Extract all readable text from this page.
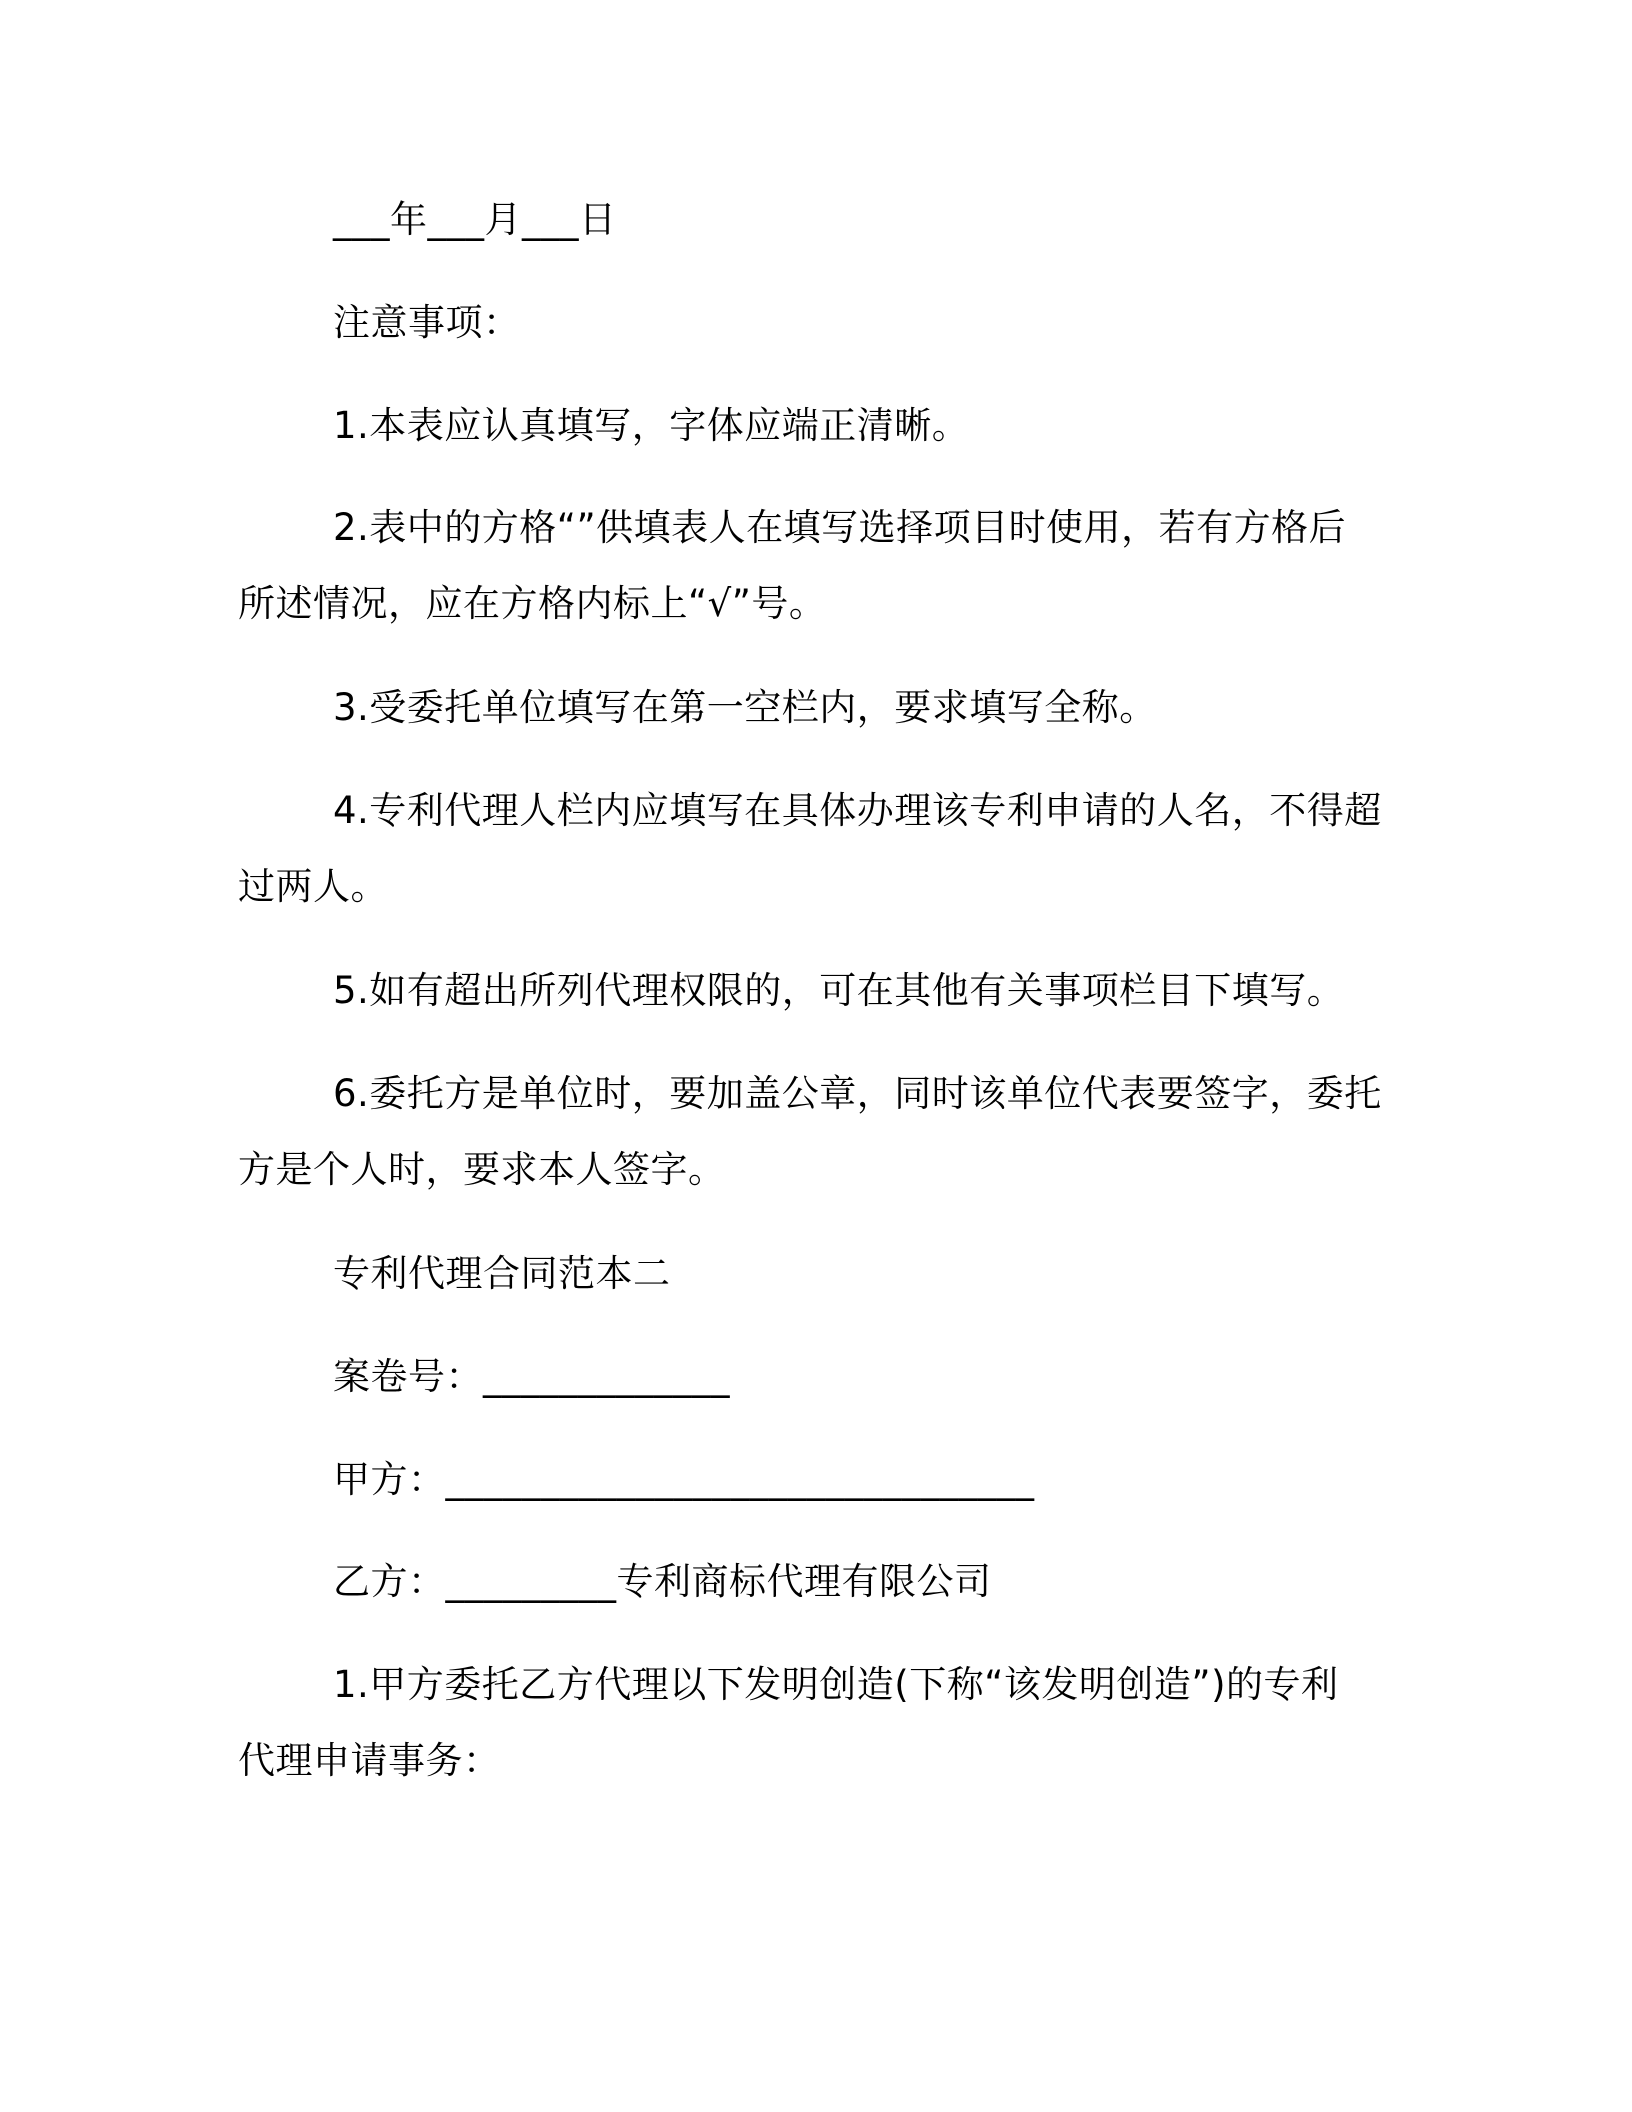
___年___月___日
注意事项：
1.本表应认真填写，字体应端正清晰。
2.表中的方格“”供填表人在填写选择项目时使用，若有方格后
所述情况，应在方格内标上“√”号。
3.受委托单位填写在第一空栏内，要求填写全称。
4.专利代理人栏内应填写在具体办理该专利申请的人名，不得超
过两人。
5.如有超出所列代理权限的，可在其他有关事项栏目下填写。
6.委托方是单位时，要加盖公章，同时该单位代表要签字，委托
方是个人时，要求本人签字。
专利代理合同范本二
案卷号：_____________
甲方：_______________________________
乙方：_________专利商标代理有限公司
1.甲方委托乙方代理以下发明创造(下称“该发明创造”)的专利
代理申请事务：
